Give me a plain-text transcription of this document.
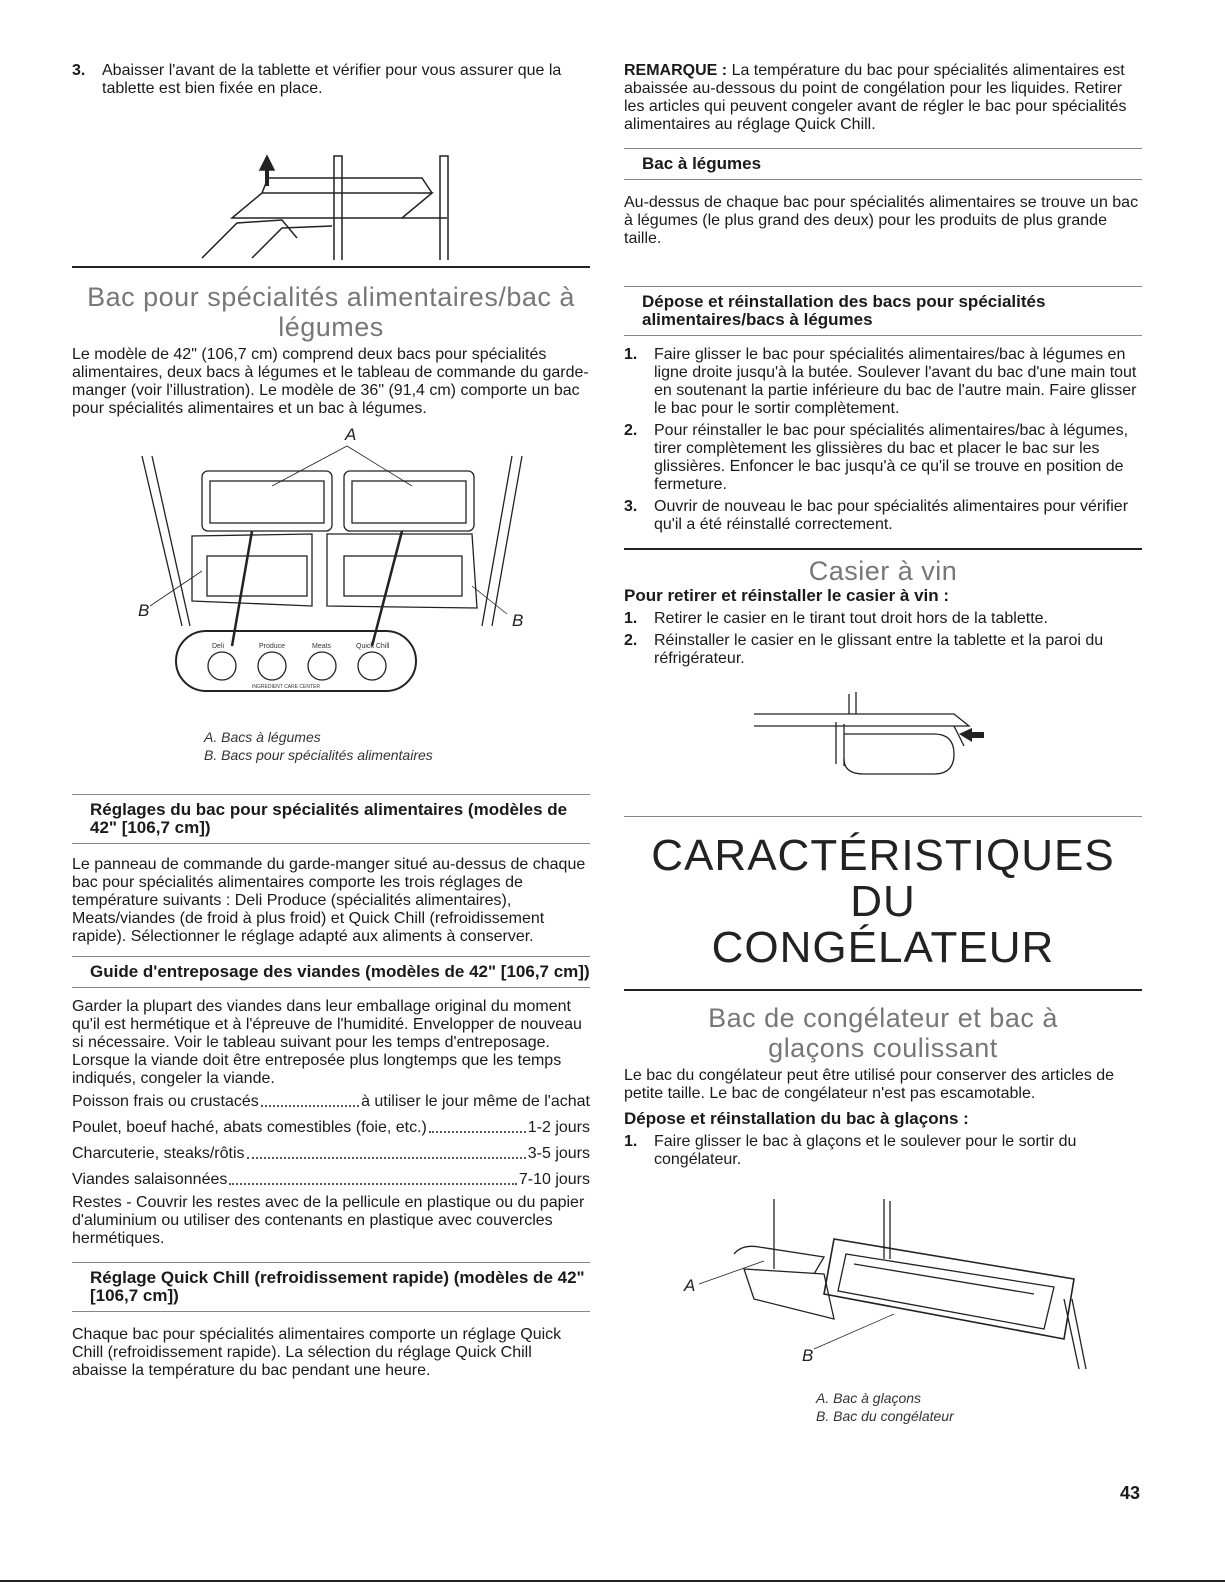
3.	Abaisser l'avant de la tablette et vérifier pour vous assurer que la tablette est bien fixée en place.
Bac pour spécialités alimentaires/bac à légumes

Le modèle de 42" (106,7 cm) comprend deux bacs pour spécialités alimentaires, deux bacs à légumes et le tableau de commande du garde-manger (voir l'illustration). Le modèle de 36" (91,4 cm) comporte un bac pour spécialités alimentaires et un bac à légumes.

A
B
B
Deli	Produce	Meats	Quick Chill
INGREDIENT CARE CENTER
A. Bacs à légumes
B. Bacs pour spécialités alimentaires
Réglages du bac pour spécialités alimentaires (modèles de 42" [106,7 cm])

Le panneau de commande du garde-manger situé au-dessus de chaque bac pour spécialités alimentaires comporte les trois réglages de température suivants : Deli Produce (spécialités alimentaires), Meats/viandes (de froid à plus froid) et Quick Chill (refroidissement rapide). Sélectionner le réglage adapté aux aliments à conserver.

Guide d'entreposage des viandes (modèles de 42" [106,7 cm])

Garder la plupart des viandes dans leur emballage original du moment qu'il est hermétique et à l'épreuve de l'humidité. Envelopper de nouveau si nécessaire. Voir le tableau suivant pour les temps d'entreposage. Lorsque la viande doit être entreposée plus longtemps que les temps indiqués, congeler la viande.

Poisson frais ou crustacés	à utiliser le jour même de l'achat
Poulet, boeuf haché, abats comestibles (foie, etc.)	1-2 jours
Charcuterie, steaks/rôtis	3-5 jours
Viandes salaisonnées	7-10 jours

Restes - Couvrir les restes avec de la pellicule en plastique ou du papier d'aluminium ou utiliser des contenants en plastique avec couvercles hermétiques.

Réglage Quick Chill (refroidissement rapide) (modèles de 42" [106,7 cm])

Chaque bac pour spécialités alimentaires comporte un réglage Quick Chill (refroidissement rapide). La sélection du réglage Quick Chill abaisse la température du bac pendant une heure.

REMARQUE : La température du bac pour spécialités alimentaires est abaissée au-dessous du point de congélation pour les liquides. Retirer les articles qui peuvent congeler avant de régler le bac pour spécialités alimentaires au réglage Quick Chill.

Bac à légumes

Au-dessus de chaque bac pour spécialités alimentaires se trouve un bac à légumes (le plus grand des deux) pour les produits de plus grande taille.

Dépose et réinstallation des bacs pour spécialités alimentaires/bacs à légumes
1.	Faire glisser le bac pour spécialités alimentaires/bac à légumes en ligne droite jusqu'à la butée. Soulever l'avant du bac d'une main tout en soutenant la partie inférieure du bac de l'autre main. Faire glisser le bac pour le sortir complètement.
2.	Pour réinstaller le bac pour spécialités alimentaires/bac à légumes, tirer complètement les glissières du bac et placer le bac sur les glissières. Enfoncer le bac jusqu'à ce qu'il se trouve en position de fermeture.
3.	Ouvrir de nouveau le bac pour spécialités alimentaires pour vérifier qu'il a été réinstallé correctement.
Casier à vin
Pour retirer et réinstaller le casier à vin :
1.	Retirer le casier en le tirant tout droit hors de la tablette.
2.	Réinstaller le casier en le glissant entre la tablette et la paroi du réfrigérateur.
CARACTÉRISTIQUES DU
CONGÉLATEUR
Bac de congélateur et bac à glaçons coulissant

Le bac du congélateur peut être utilisé pour conserver des articles de petite taille. Le bac de congélateur n'est pas escamotable.

Dépose et réinstallation du bac à glaçons :
1.	Faire glisser le bac à glaçons et le soulever pour le sortir du congélateur.
A
B
A. Bac à glaçons
B. Bac du congélateur
43
